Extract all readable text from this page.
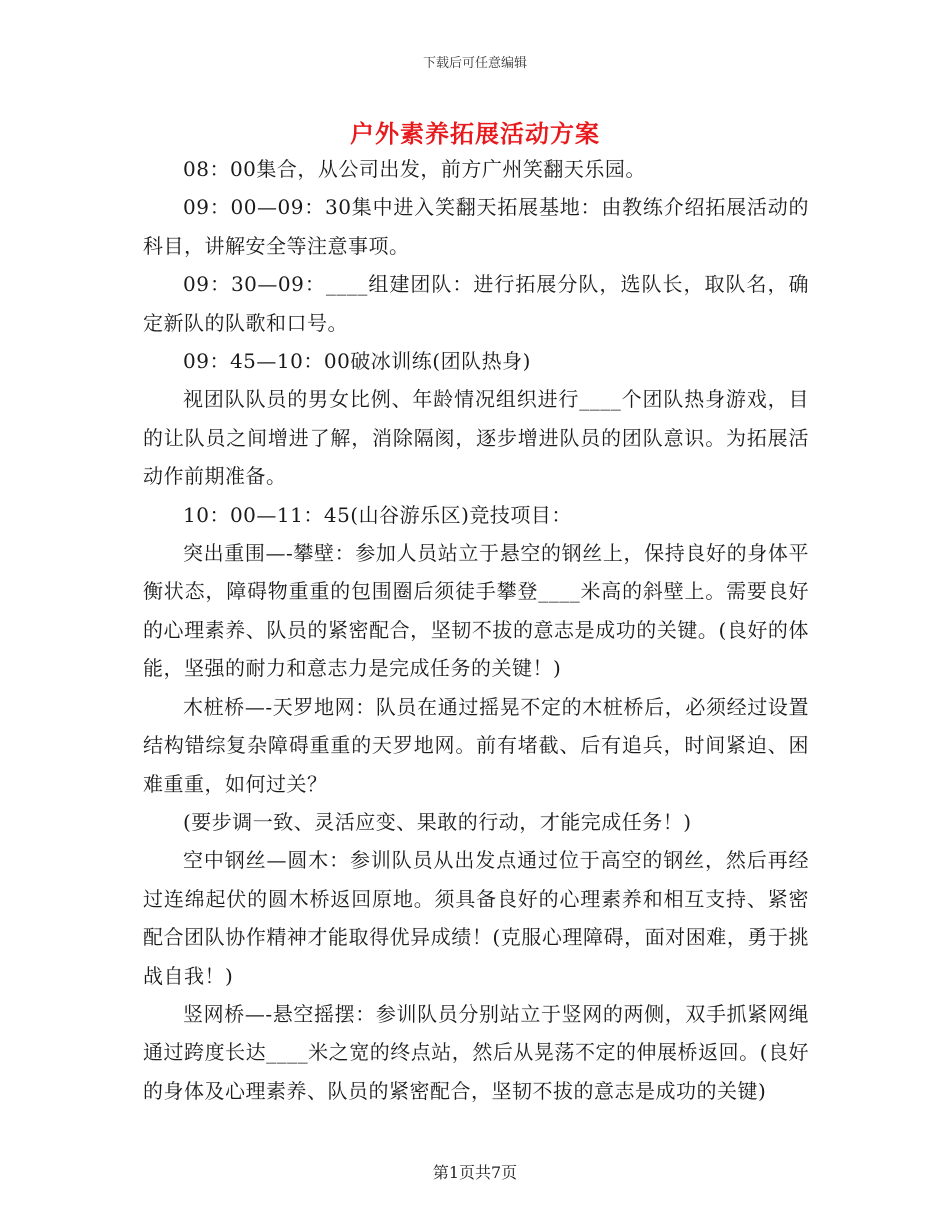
下载后可任意编辑
户外素养拓展活动方案

08：00集合，从公司出发，前方广州笑翻天乐园。

09：00—09：30集中进入笑翻天拓展基地：由教练介绍拓展活动的科目，讲解安全等注意事项。

09：30—09：____组建团队：进行拓展分队，选队长，取队名，确定新队的队歌和口号。

09：45—10：00破冰训练(团队热身)

视团队队员的男女比例、年龄情况组织进行____个团队热身游戏，目的让队员之间增进了解，消除隔阂，逐步增进队员的团队意识。为拓展活动作前期准备。

10：00—11：45(山谷游乐区)竞技项目：

突出重围—-攀壁：参加人员站立于悬空的钢丝上，保持良好的身体平衡状态，障碍物重重的包围圈后须徒手攀登____米高的斜壁上。需要良好的心理素养、队员的紧密配合，坚韧不拔的意志是成功的关键。(良好的体能，坚强的耐力和意志力是完成任务的关键！)

木桩桥—-天罗地网：队员在通过摇晃不定的木桩桥后，必须经过设置结构错综复杂障碍重重的天罗地网。前有堵截、后有追兵，时间紧迫、困难重重，如何过关？

(要步调一致、灵活应变、果敢的行动，才能完成任务！)

空中钢丝—圆木：参训队员从出发点通过位于高空的钢丝，然后再经过连绵起伏的圆木桥返回原地。须具备良好的心理素养和相互支持、紧密配合团队协作精神才能取得优异成绩！(克服心理障碍，面对困难，勇于挑战自我！)

竖网桥—-悬空摇摆：参训队员分别站立于竖网的两侧，双手抓紧网绳通过跨度长达____米之宽的终点站，然后从晃荡不定的伸展桥返回。(良好的身体及心理素养、队员的紧密配合，坚韧不拔的意志是成功的关键)

第1页共7页
